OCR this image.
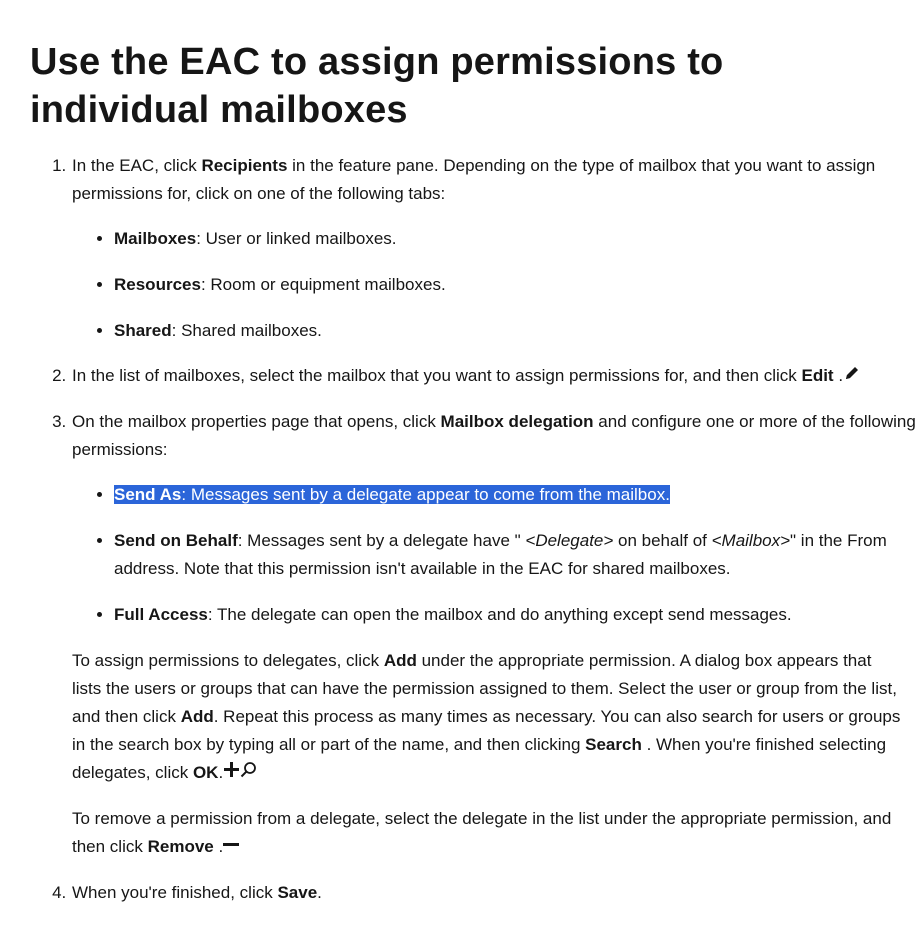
Use the EAC to assign permissions to individual mailboxes
1. In the EAC, click Recipients in the feature pane. Depending on the type of mailbox that you want to assign permissions for, click on one of the following tabs:
• Mailboxes: User or linked mailboxes.
• Resources: Room or equipment mailboxes.
• Shared: Shared mailboxes.
2. In the list of mailboxes, select the mailbox that you want to assign permissions for, and then click Edit .
3. On the mailbox properties page that opens, click Mailbox delegation and configure one or more of the following permissions:
• Send As: Messages sent by a delegate appear to come from the mailbox.
• Send on Behalf: Messages sent by a delegate have " <Delegate> on behalf of <Mailbox>" in the From address. Note that this permission isn't available in the EAC for shared mailboxes.
• Full Access: The delegate can open the mailbox and do anything except send messages.

To assign permissions to delegates, click Add under the appropriate permission. A dialog box appears that lists the users or groups that can have the permission assigned to them. Select the user or group from the list, and then click Add. Repeat this process as many times as necessary. You can also search for users or groups in the search box by typing all or part of the name, and then clicking Search . When you're finished selecting delegates, click OK.

To remove a permission from a delegate, select the delegate in the list under the appropriate permission, and then click Remove .

4. When you're finished, click Save.
